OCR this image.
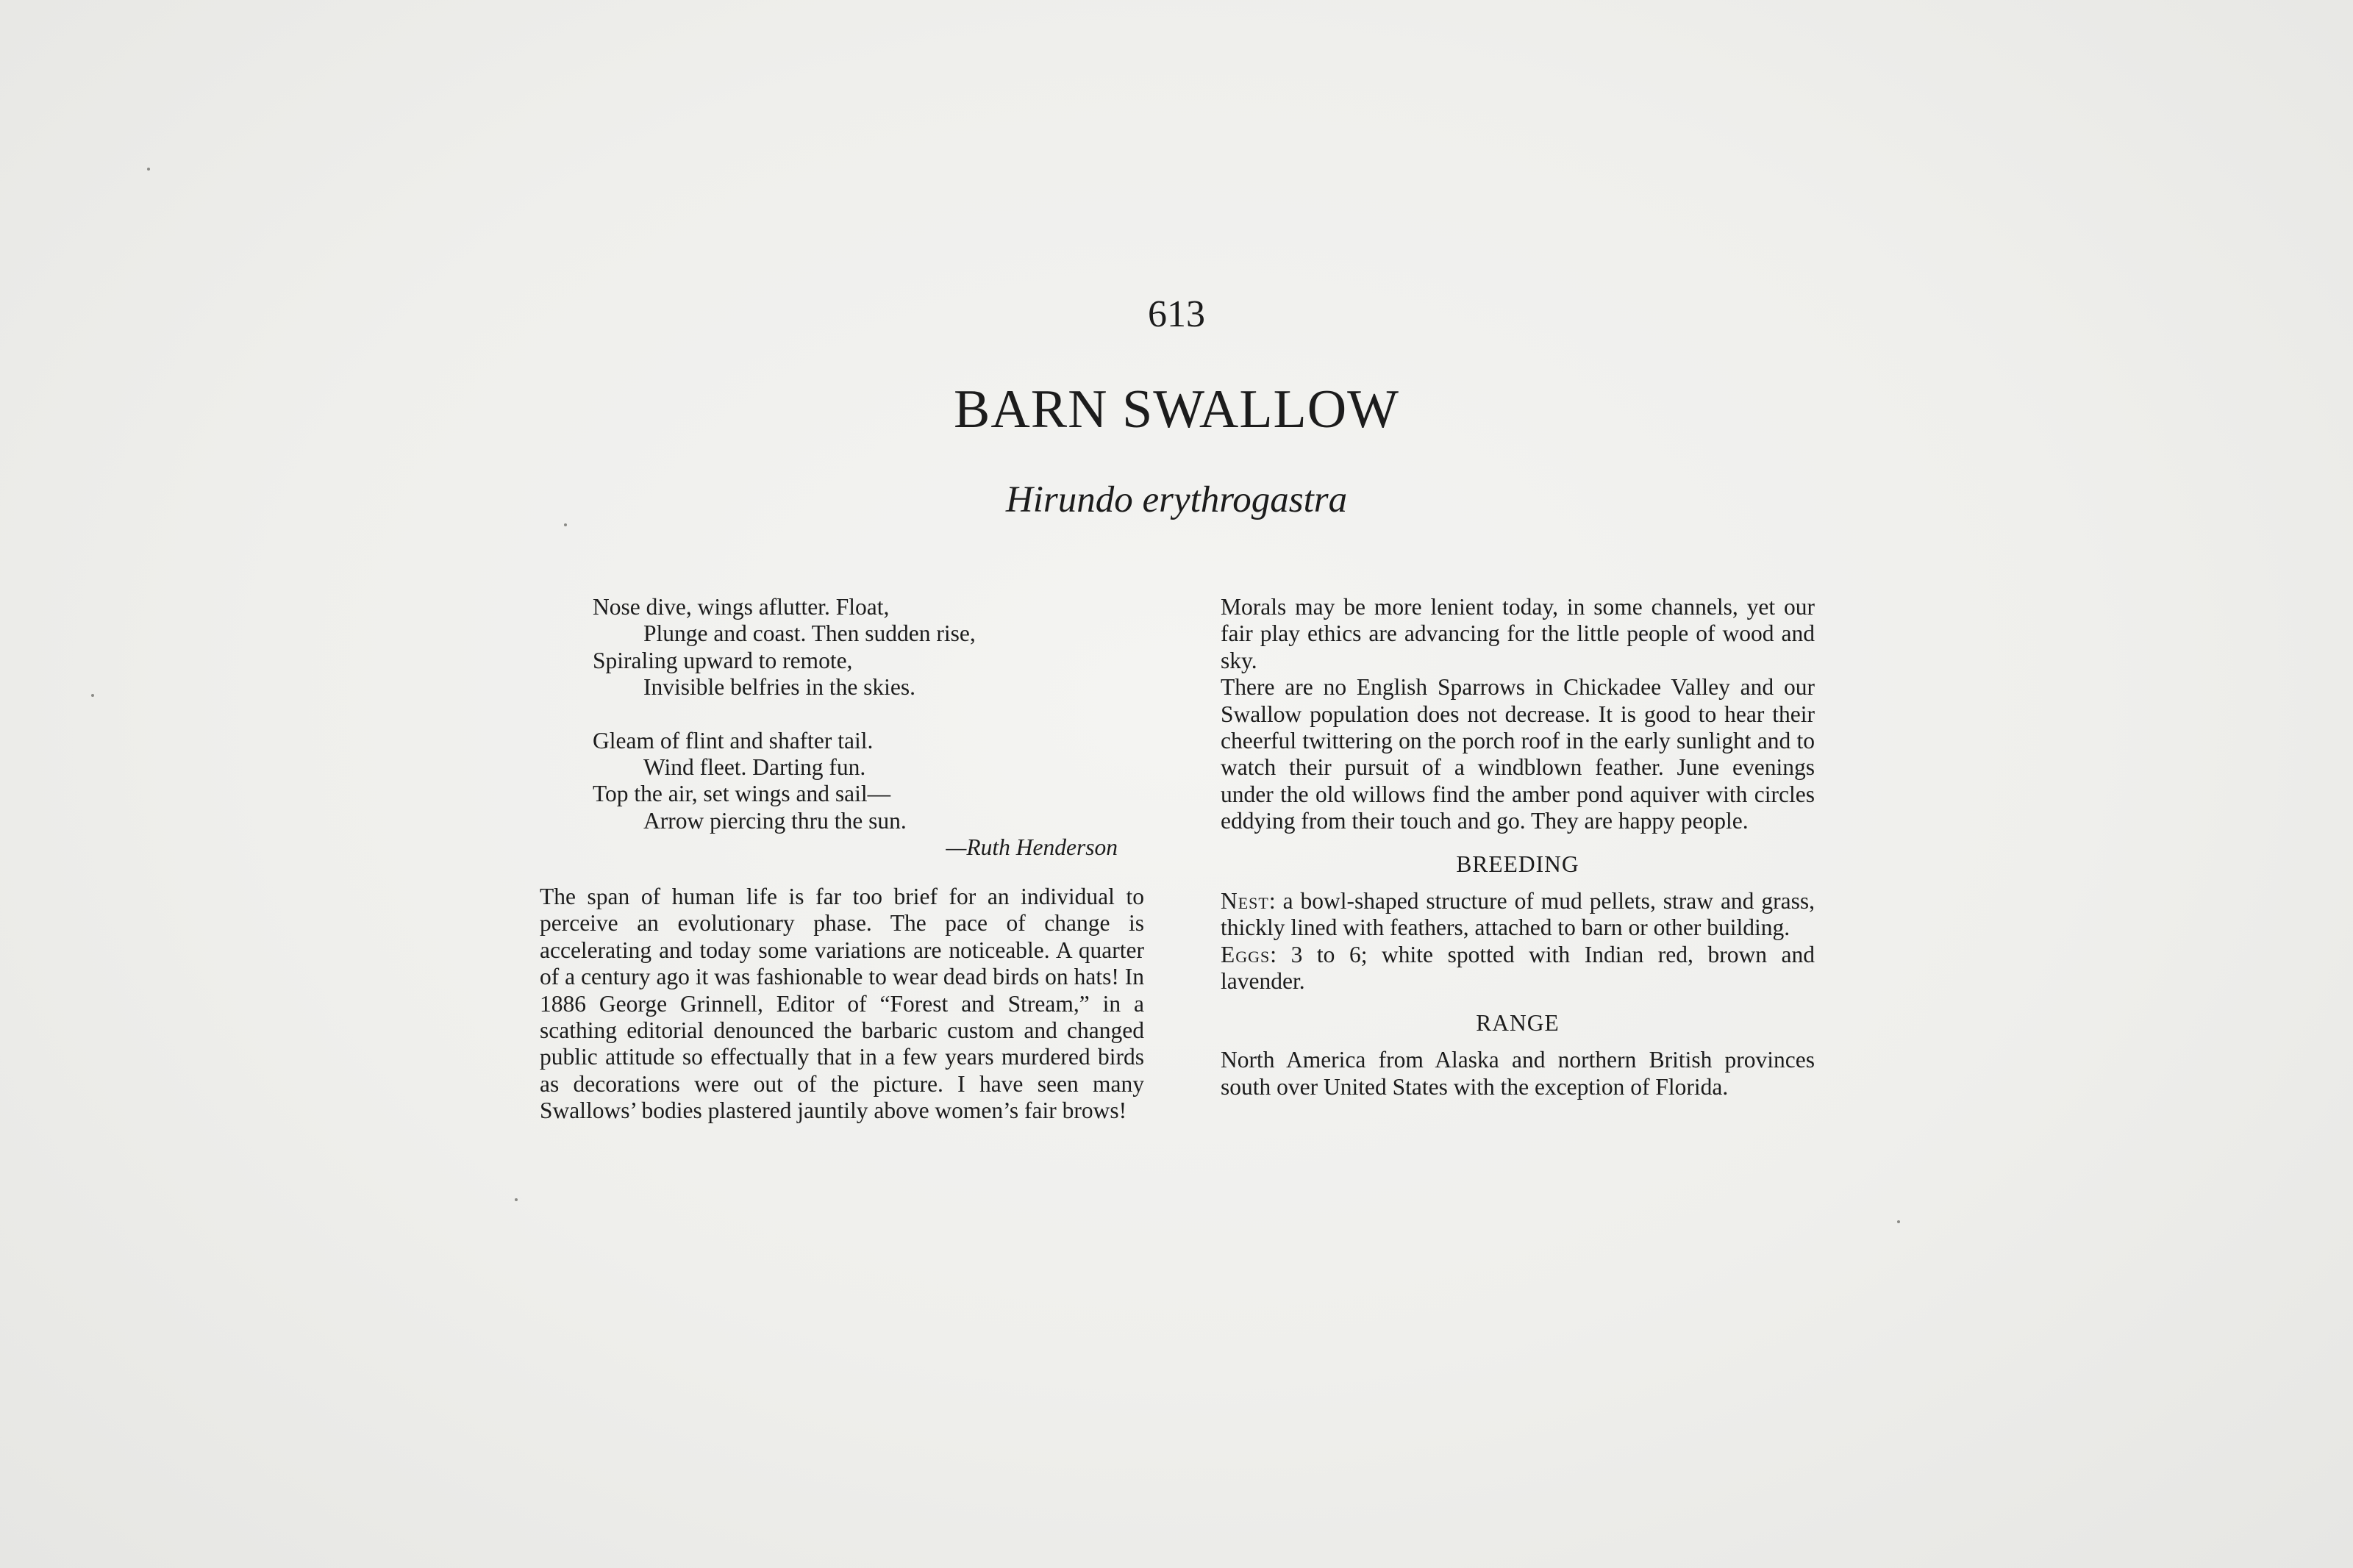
613
BARN SWALLOW
Hirundo erythrogastra
Nose dive, wings aflutter. Float,
Plunge and coast. Then sudden rise,
Spiraling upward to remote,
Invisible belfries in the skies.
Gleam of flint and shafter tail.
Wind fleet. Darting fun.
Top the air, set wings and sail—
Arrow piercing thru the sun.
—Ruth Henderson

The span of human life is far too brief for an individual to perceive an evolutionary phase. The pace of change is accelerating and today some variations are noticeable. A quarter of a century ago it was fashionable to wear dead birds on hats! In 1886 George Grinnell, Editor of “Forest and Stream,” in a scathing editorial denounced the barbaric custom and changed public attitude so effectually that in a few years murdered birds as decorations were out of the picture. I have seen many Swallows’ bodies plastered jauntily above women’s fair brows!

Morals may be more lenient today, in some channels, yet our fair play ethics are advancing for the little people of wood and sky.

There are no English Sparrows in Chickadee Valley and our Swallow population does not decrease. It is good to hear their cheerful twittering on the porch roof in the early sunlight and to watch their pursuit of a windblown feather. June evenings under the old willows find the amber pond aquiver with circles eddying from their touch and go. They are happy people.

BREEDING

Nest: a bowl-shaped structure of mud pellets, straw and grass, thickly lined with feathers, attached to barn or other building.

Eggs: 3 to 6; white spotted with Indian red, brown and lavender.

RANGE

North America from Alaska and northern British provinces south over United States with the exception of Florida.
